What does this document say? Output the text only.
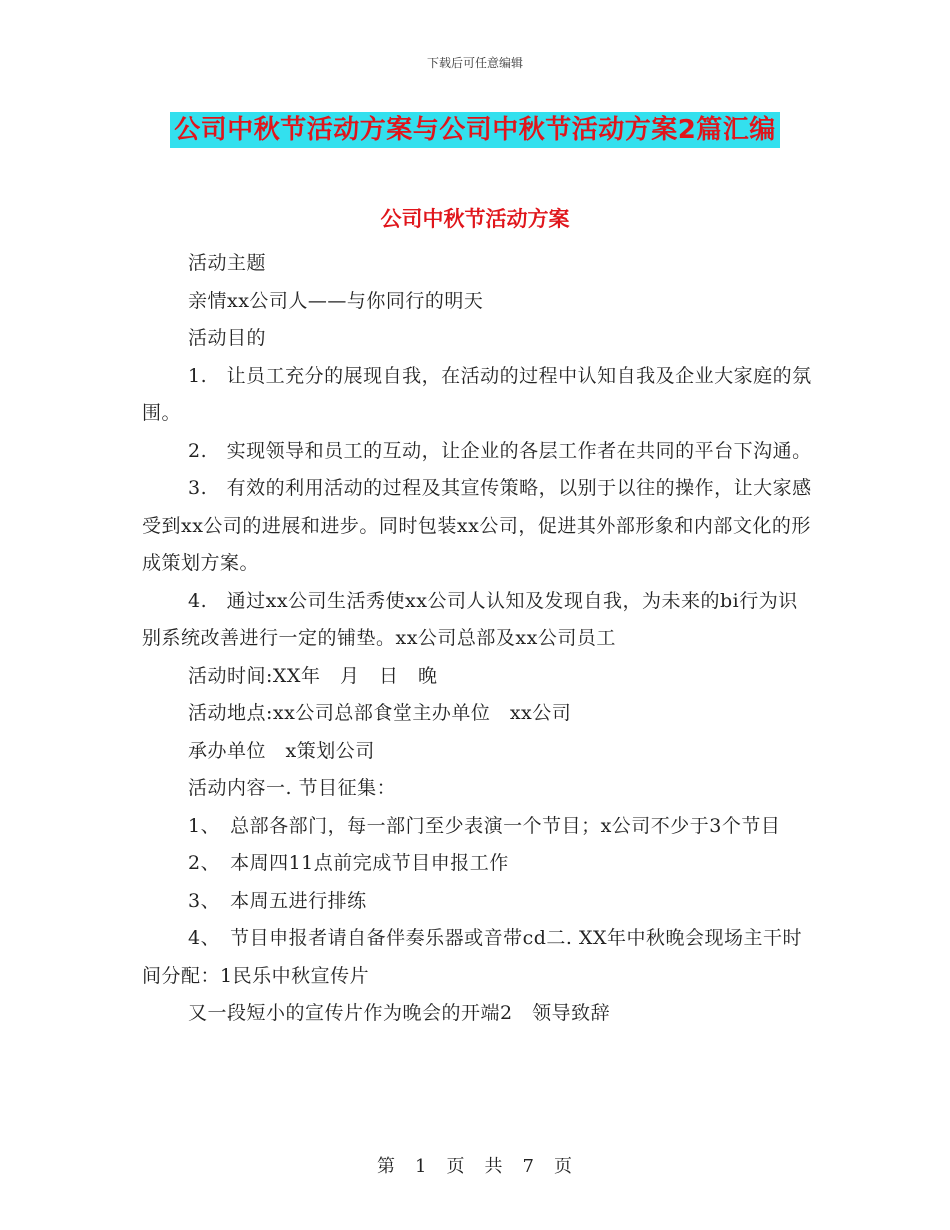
下载后可任意编辑
公司中秋节活动方案与公司中秋节活动方案2篇汇编
公司中秋节活动方案

活动主题

亲情xx公司人——与你同行的明天

活动目的

1.　让员工充分的展现自我，在活动的过程中认知自我及企业大家庭的氛围。

2.　实现领导和员工的互动，让企业的各层工作者在共同的平台下沟通。

3.　有效的利用活动的过程及其宣传策略，以别于以往的操作，让大家感受到xx公司的进展和进步。同时包装xx公司，促进其外部形象和内部文化的形成策划方案。

4.　通过xx公司生活秀使xx公司人认知及发现自我，为未来的bi行为识别系统改善进行一定的铺垫。xx公司总部及xx公司员工

活动时间:XX年　月　日　晚

活动地点:xx公司总部食堂主办单位　xx公司

承办单位　x策划公司

活动内容一. 节目征集：

1、　总部各部门，每一部门至少表演一个节目；x公司不少于3个节目

2、　本周四11点前完成节目申报工作

3、　本周五进行排练

4、　节目申报者请自备伴奏乐器或音带cd二. XX年中秋晚会现场主干时间分配：1民乐中秋宣传片

又一段短小的宣传片作为晚会的开端2　领导致辞

第　1　页　共　7　页
